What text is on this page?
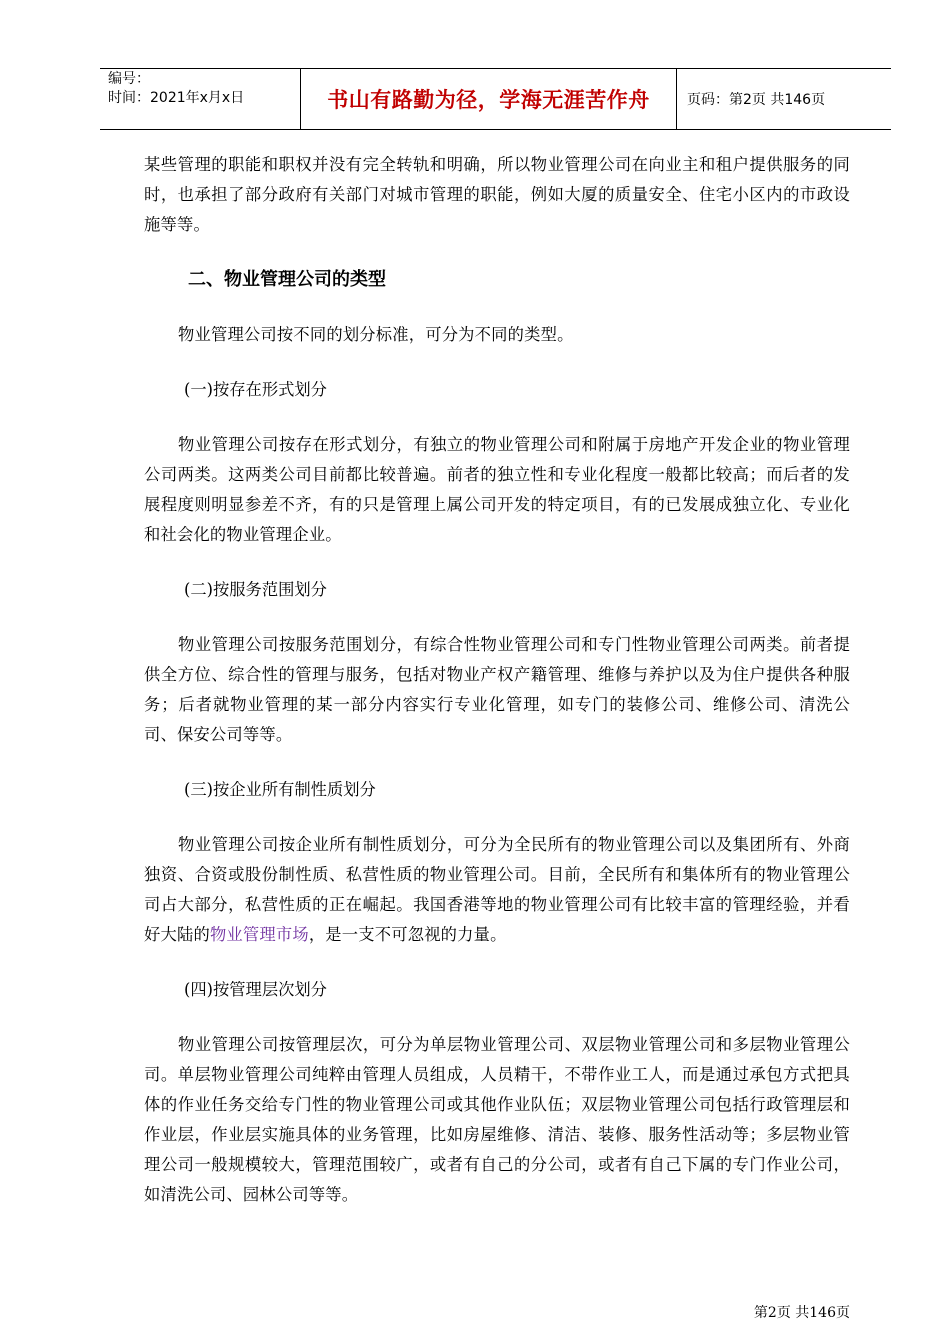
编号：
时间：2021年x月x日	书山有路勤为径，学海无涯苦作舟	页码：第2页 共146页

某些管理的职能和职权并没有完全转轨和明确，所以物业管理公司在向业主和租户提供服务的同时，也承担了部分政府有关部门对城市管理的职能，例如大厦的质量安全、住宅小区内的市政设施等等。

二、物业管理公司的类型

物业管理公司按不同的划分标准，可分为不同的类型。

(一)按存在形式划分

物业管理公司按存在形式划分，有独立的物业管理公司和附属于房地产开发企业的物业管理公司两类。这两类公司目前都比较普遍。前者的独立性和专业化程度一般都比较高；而后者的发展程度则明显参差不齐，有的只是管理上属公司开发的特定项目，有的已发展成独立化、专业化和社会化的物业管理企业。

(二)按服务范围划分

物业管理公司按服务范围划分，有综合性物业管理公司和专门性物业管理公司两类。前者提供全方位、综合性的管理与服务，包括对物业产权产籍管理、维修与养护以及为住户提供各种服务；后者就物业管理的某一部分内容实行专业化管理，如专门的装修公司、维修公司、清洗公司、保安公司等等。

(三)按企业所有制性质划分

物业管理公司按企业所有制性质划分，可分为全民所有的物业管理公司以及集团所有、外商独资、合资或股份制性质、私营性质的物业管理公司。目前，全民所有和集体所有的物业管理公司占大部分，私营性质的正在崛起。我国香港等地的物业管理公司有比较丰富的管理经验，并看好大陆的物业管理市场，是一支不可忽视的力量。

(四)按管理层次划分

物业管理公司按管理层次，可分为单层物业管理公司、双层物业管理公司和多层物业管理公司。单层物业管理公司纯粹由管理人员组成，人员精干，不带作业工人，而是通过承包方式把具体的作业任务交给专门性的物业管理公司或其他作业队伍；双层物业管理公司包括行政管理层和作业层，作业层实施具体的业务管理，比如房屋维修、清洁、装修、服务性活动等；多层物业管理公司一般规模较大，管理范围较广，或者有自己的分公司，或者有自己下属的专门作业公司，如清洗公司、园林公司等等。

第2页 共146页
